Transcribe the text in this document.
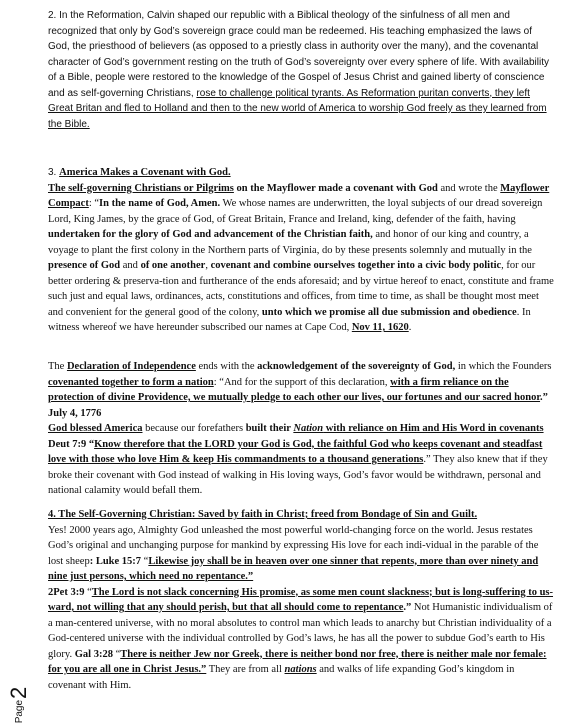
2. In the Reformation, Calvin shaped our republic with a Biblical theology of the sinfulness of all men and recognized that only by God’s sovereign grace could man be redeemed. His teaching emphasized the laws of God, the priesthood of believers (as opposed to a priestly class in authority over the many), and the covenantal character of God’s government resting on the truth of God’s sovereignty over every sphere of life. With availability of a Bible, people were restored to the knowledge of the Gospel of Jesus Christ and gained liberty of conscience and as self-governing Christians, rose to challenge political tyrants. As Reformation puritan converts, they left Great Britan and fled to Holland and then to the new world of America to worship God freely as they learned from the Bible.
3. America Makes a Covenant with God.
The self-governing Christians or Pilgrims on the Mayflower made a covenant with God and wrote the Mayflower Compact: “In the name of God, Amen. We whose names are underwritten, the loyal subjects of our dread sovereign Lord, King James, by the grace of God, of Great Britain, France and Ireland, king, defender of the faith, having undertaken for the glory of God and advancement of the Christian faith, and honor of our king and country, a voyage to plant the first colony in the Northern parts of Virginia, do by these presents solemnly and mutually in the presence of God and of one another, covenant and combine ourselves together into a civic body politic, for our better ordering & preserva-tion and furtherance of the ends aforesaid; and by virtue hereof to enact, constitute and frame such just and equal laws, ordinances, acts, constitutions and offices, from time to time, as shall be thought most meet and convenient for the general good of the colony, unto which we promise all due submission and obedience. In witness whereof we have hereunder subscribed our names at Cape Cod, Nov 11, 1620.
The Declaration of Independence ends with the acknowledgement of the sovereignty of God, in which the Founders covenanted together to form a nation: “And for the support of this declaration, with a firm reliance on the protection of divine Providence, we mutually pledge to each other our lives, our fortunes and our sacred honor.” July 4, 1776
God blessed America because our forefathers built their Nation with reliance on Him and His Word in covenants Deut 7:9 “Know therefore that the LORD your God is God, the faithful God who keeps covenant and steadfast love with those who love Him & keep His commandments to a thousand generations.” They also knew that if they broke their covenant with God instead of walking in His loving ways, God’s favor would be withdrawn, personal and national calamity would befall them.
4. The Self-Governing Christian: Saved by faith in Christ; freed from Bondage of Sin and Guilt.
Yes! 2000 years ago, Almighty God unleashed the most powerful world-changing force on the world. Jesus restates God’s original and unchanging purpose for mankind by expressing His love for each indi-vidual in the parable of the lost sheep: Luke 15:7 “Likewise joy shall be in heaven over one sinner that repents, more than over ninety and nine just persons, which need no repentance.”
2Pet 3:9 “The Lord is not slack concerning His promise, as some men count slackness; but is long-suffering to us-ward, not willing that any should perish, but that all should come to repentance.” Not Humanistic individualism of a man-centered universe, with no moral absolutes to control man which leads to anarchy but Christian individuality of a God-centered universe with the individual controlled by God’s laws, he has all the power to subdue God’s earth to His glory. Gal 3:28 “There is neither Jew nor Greek, there is neither bond nor free, there is neither male nor female: for you are all one in Christ Jesus.” They are from all nations and walks of life expanding God’s kingdom in covenant with Him.
Page
2
